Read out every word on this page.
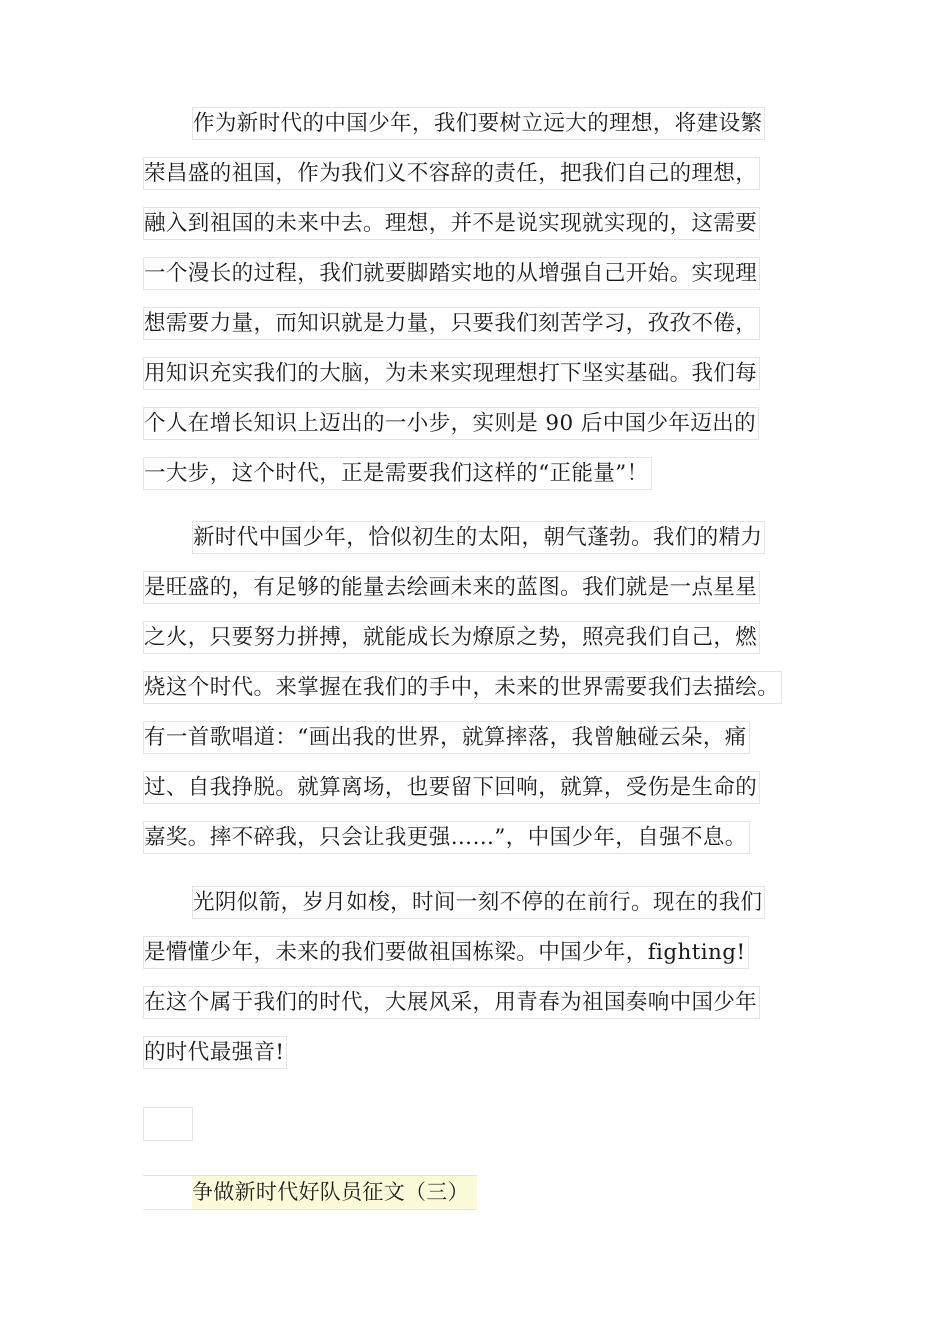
作为新时代的中国少年，我们要树立远大的理想，将建设繁
荣昌盛的祖国，作为我们义不容辞的责任，把我们自己的理想，
融入到祖国的未来中去。理想，并不是说实现就实现的，这需要
一个漫长的过程，我们就要脚踏实地的从增强自己开始。实现理
想需要力量，而知识就是力量，只要我们刻苦学习，孜孜不倦，
用知识充实我们的大脑，为未来实现理想打下坚实基础。我们每
个人在增长知识上迈出的一小步，实则是 90 后中国少年迈出的
一大步，这个时代，正是需要我们这样的“正能量”！
新时代中国少年，恰似初生的太阳，朝气蓬勃。我们的精力
是旺盛的，有足够的能量去绘画未来的蓝图。我们就是一点星星
之火，只要努力拼搏，就能成长为燎原之势，照亮我们自己，燃
烧这个时代。来掌握在我们的手中，未来的世界需要我们去描绘。
有一首歌唱道：“画出我的世界，就算摔落，我曾触碰云朵，痛
过、自我挣脱。就算离场，也要留下回响，就算，受伤是生命的
嘉奖。摔不碎我，只会让我更强……”，中国少年，自强不息。
光阴似箭，岁月如梭，时间一刻不停的在前行。现在的我们
是懵懂少年，未来的我们要做祖国栋梁。中国少年，fighting!
在这个属于我们的时代，大展风采，用青春为祖国奏响中国少年
的时代最强音!
争做新时代好队员征文（三）
